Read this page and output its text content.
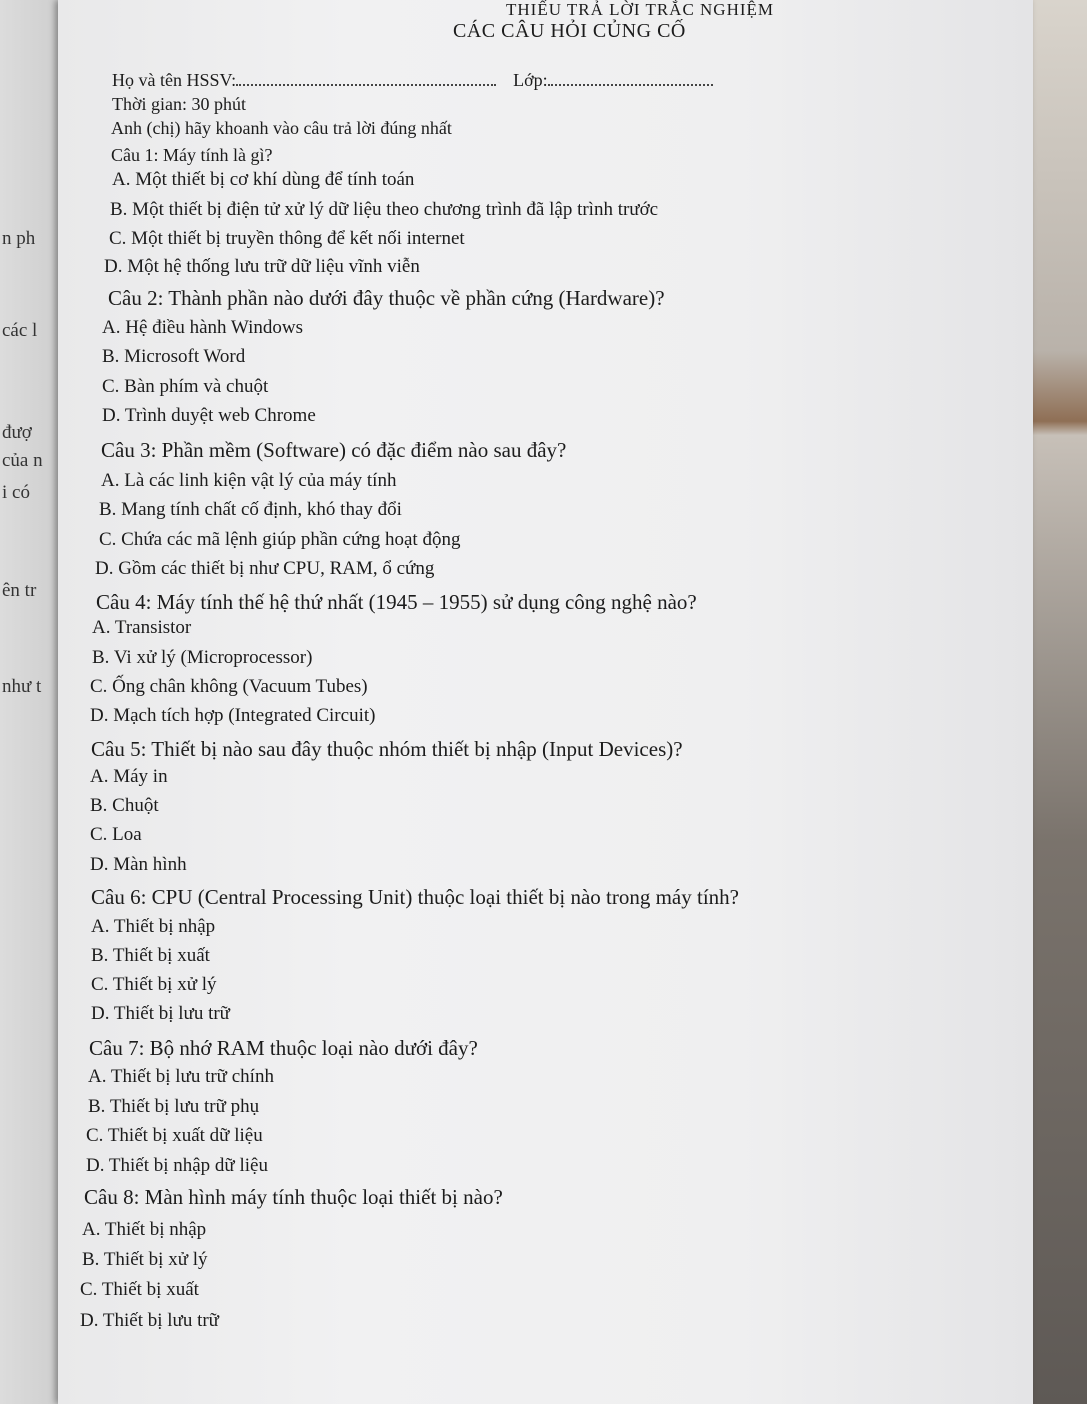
n ph
các l
đượ
của n
i có
ên tr
như t
THIẾU TRẢ LỜI TRẮC NGHIỆM
CÁC CÂU HỎI CỦNG CỐ
Họ và tên HSSV:	Lớp:
Thời gian: 30 phút
Anh (chị) hãy khoanh vào câu trả lời đúng nhất
Câu 1: Máy tính là gì?
A. Một thiết bị cơ khí dùng để tính toán
B. Một thiết bị điện tử xử lý dữ liệu theo chương trình đã lập trình trước
C. Một thiết bị truyền thông để kết nối internet
D. Một hệ thống lưu trữ dữ liệu vĩnh viễn
Câu 2: Thành phần nào dưới đây thuộc về phần cứng (Hardware)?
A. Hệ điều hành Windows
B. Microsoft Word
C. Bàn phím và chuột
D. Trình duyệt web Chrome
Câu 3: Phần mềm (Software) có đặc điểm nào sau đây?
A. Là các linh kiện vật lý của máy tính
B. Mang tính chất cố định, khó thay đổi
C. Chứa các mã lệnh giúp phần cứng hoạt động
D. Gồm các thiết bị như CPU, RAM, ổ cứng
Câu 4: Máy tính thế hệ thứ nhất (1945 – 1955) sử dụng công nghệ nào?
A. Transistor
B. Vi xử lý (Microprocessor)
C. Ống chân không (Vacuum Tubes)
D. Mạch tích hợp (Integrated Circuit)
Câu 5: Thiết bị nào sau đây thuộc nhóm thiết bị nhập (Input Devices)?
A. Máy in
B. Chuột
C. Loa
D. Màn hình
Câu 6: CPU (Central Processing Unit) thuộc loại thiết bị nào trong máy tính?
A. Thiết bị nhập
B. Thiết bị xuất
C. Thiết bị xử lý
D. Thiết bị lưu trữ
Câu 7: Bộ nhớ RAM thuộc loại nào dưới đây?
A. Thiết bị lưu trữ chính
B. Thiết bị lưu trữ phụ
C. Thiết bị xuất dữ liệu
D. Thiết bị nhập dữ liệu
Câu 8: Màn hình máy tính thuộc loại thiết bị nào?
A. Thiết bị nhập
B. Thiết bị xử lý
C. Thiết bị xuất
D. Thiết bị lưu trữ
